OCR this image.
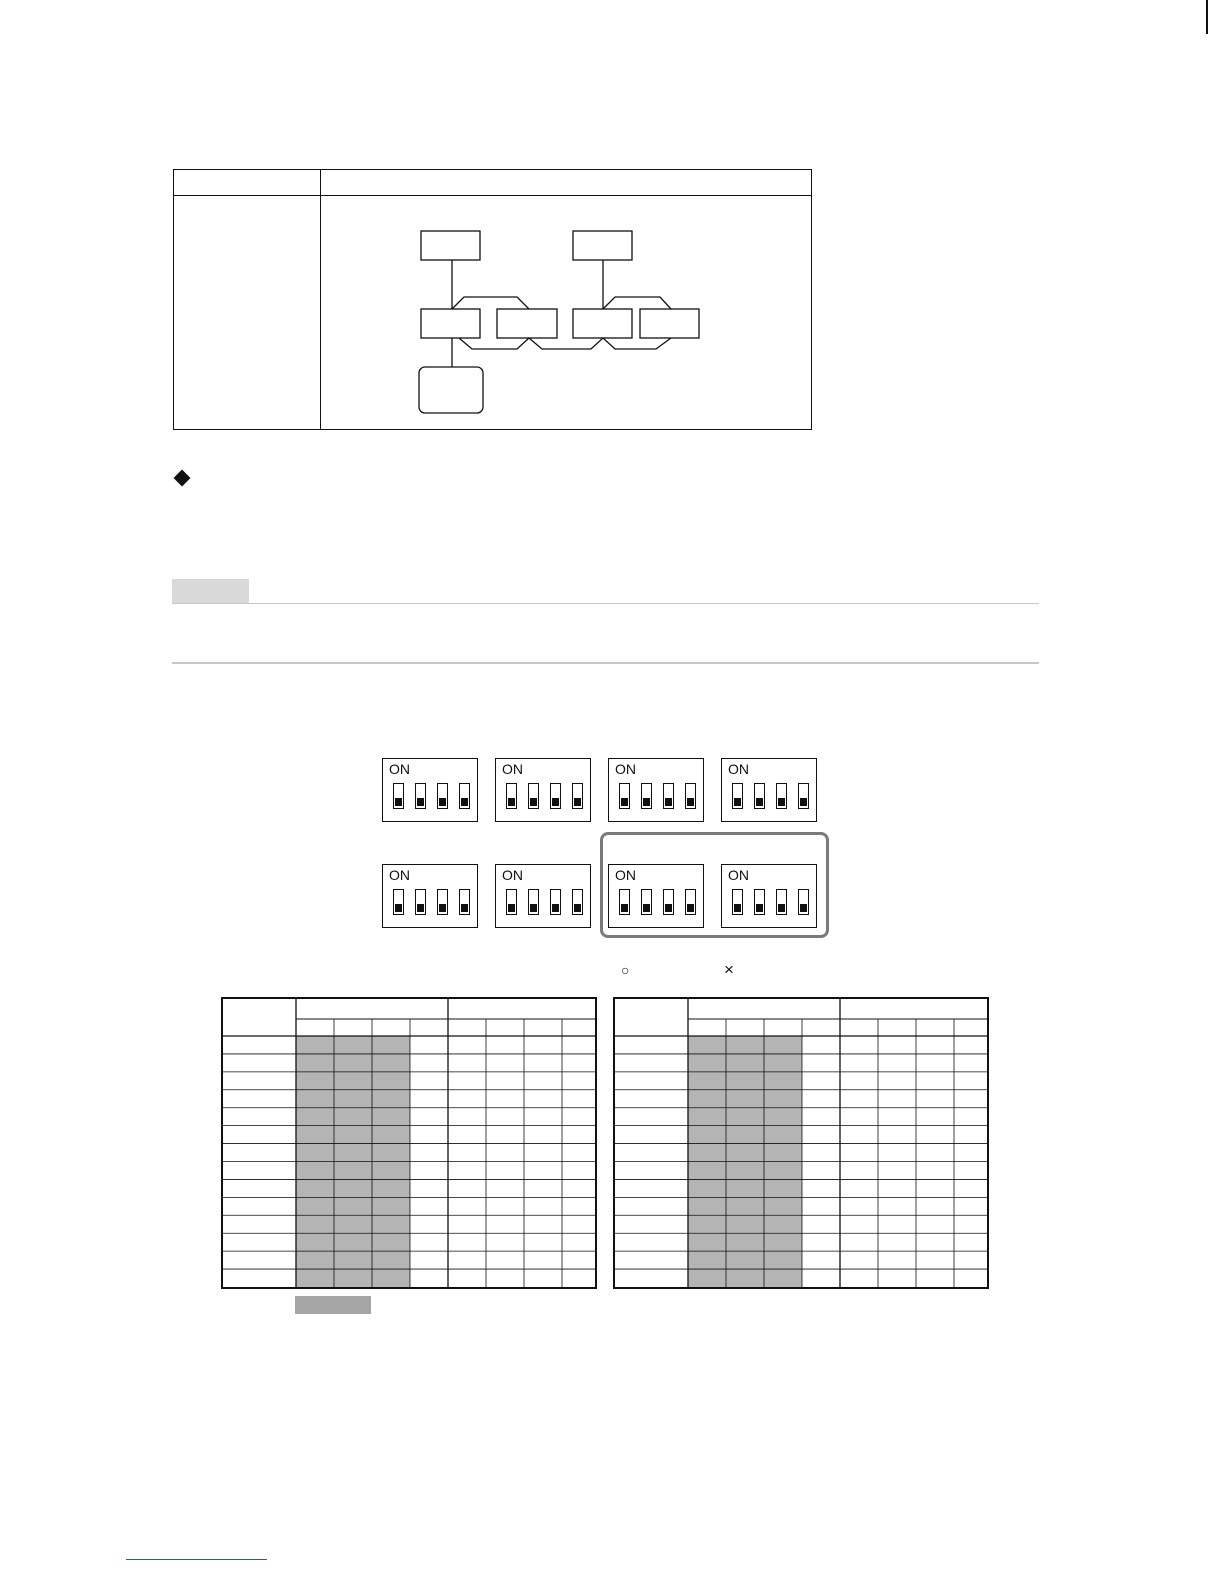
○	×
ON	ON	ON	ON
ON	ON	ON	ON
